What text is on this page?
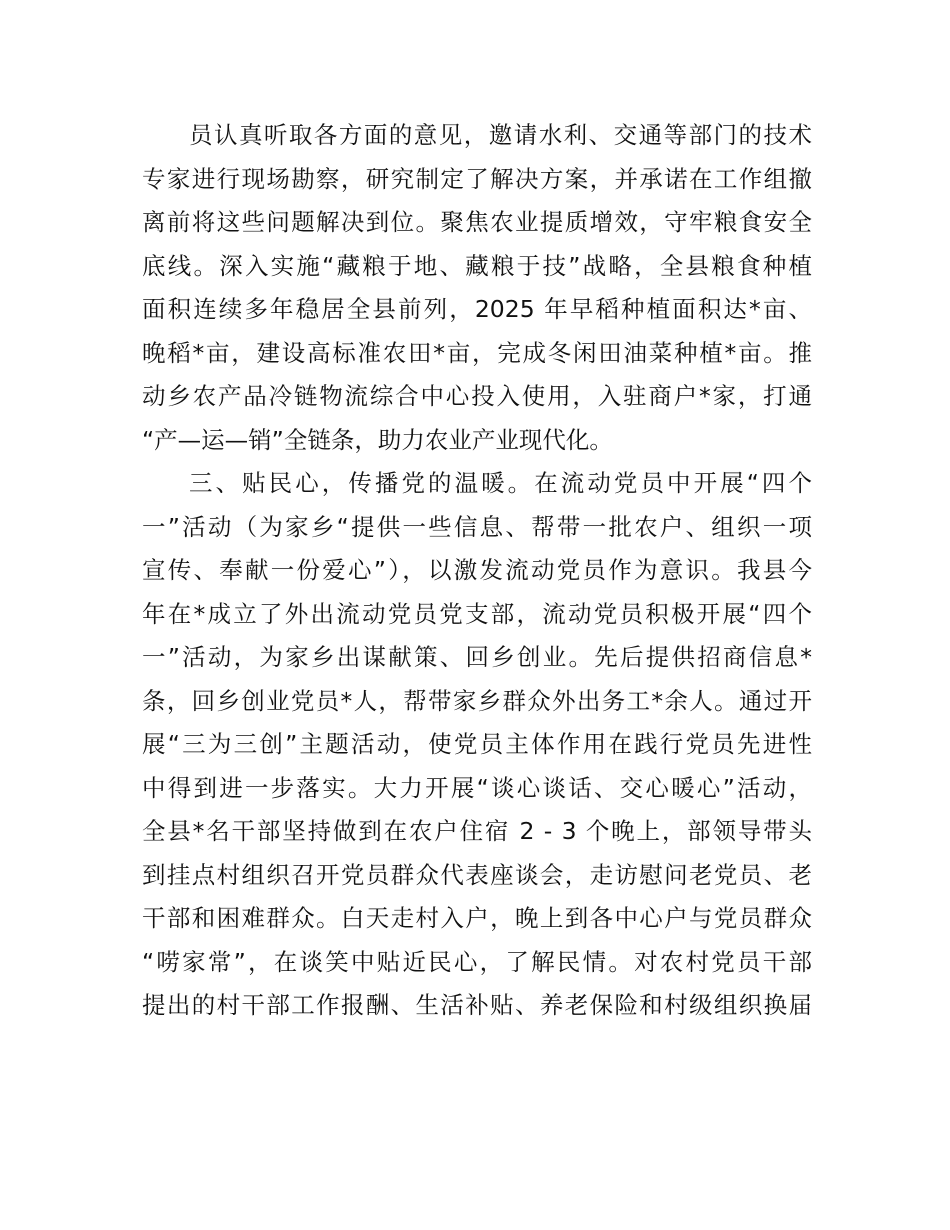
员认真听取各方面的意见，邀请水利、交通等部门的技术
专家进行现场勘察，研究制定了解决方案，并承诺在工作组撤
离前将这些问题解决到位。聚焦农业提质增效，守牢粮食安全
底线。深入实施“藏粮于地、藏粮于技”战略，全县粮食种植
面积连续多年稳居全县前列，2025 年早稻种植面积达*亩、
晚稻*亩，建设高标准农田*亩，完成冬闲田油菜种植*亩。推
动乡农产品冷链物流综合中心投入使用，入驻商户*家，打通
“产—运—销”全链条，助力农业产业现代化。
三、贴民心，传播党的温暖。在流动党员中开展“四个
一”活动（为家乡“提供一些信息、帮带一批农户、组织一项
宣传、奉献一份爱心”），以激发流动党员作为意识。我县今
年在*成立了外出流动党员党支部，流动党员积极开展“四个
一”活动，为家乡出谋献策、回乡创业。先后提供招商信息*
条，回乡创业党员*人，帮带家乡群众外出务工*余人。通过开
展“三为三创”主题活动，使党员主体作用在践行党员先进性
中得到进一步落实。大力开展“谈心谈话、交心暖心”活动，
全县*名干部坚持做到在农户住宿 2 - 3 个晚上，部领导带头
到挂点村组织召开党员群众代表座谈会，走访慰问老党员、老
干部和困难群众。白天走村入户，晚上到各中心户与党员群众
“唠家常”，在谈笑中贴近民心，了解民情。对农村党员干部
提出的村干部工作报酬、生活补贴、养老保险和村级组织换届
